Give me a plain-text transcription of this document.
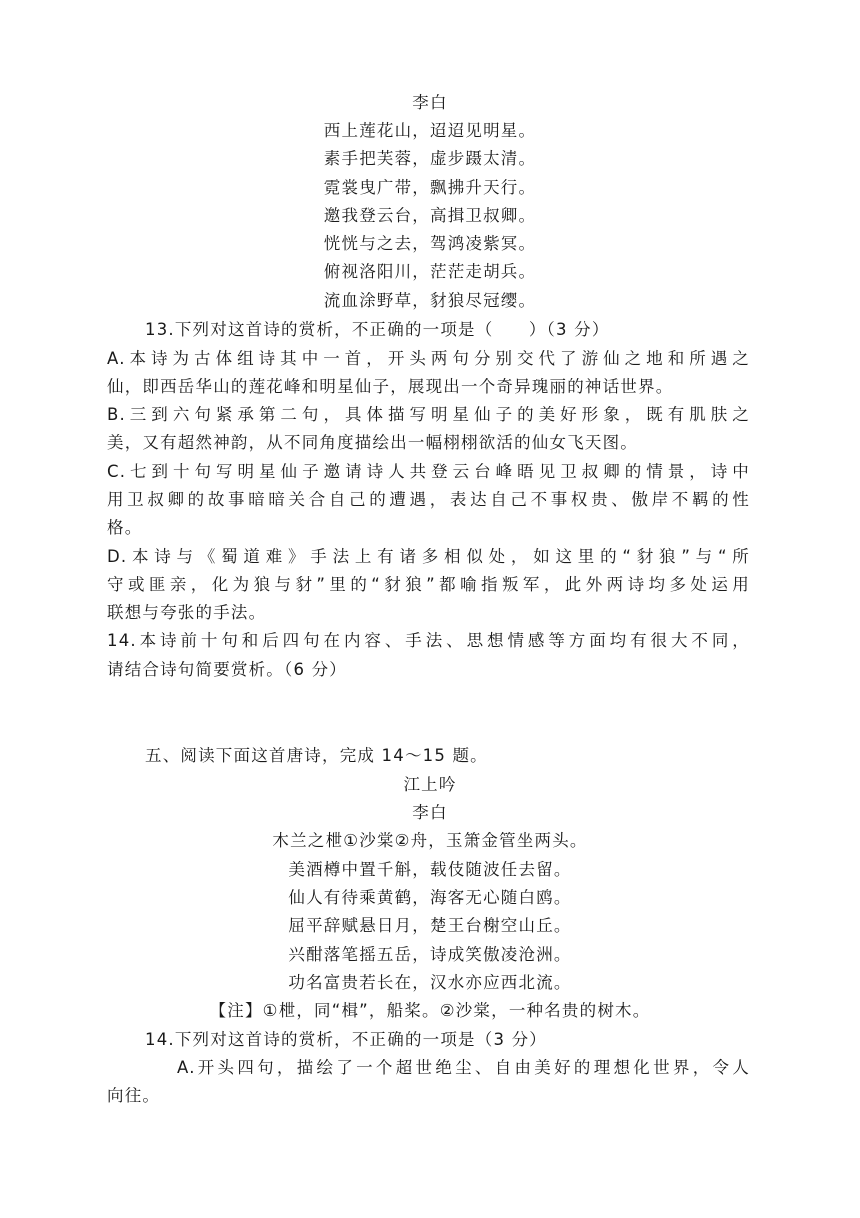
李白
西上莲花山，迢迢见明星。
素手把芙蓉，虚步蹑太清。
霓裳曳广带，飘拂升天行。
邀我登云台，高揖卫叔卿。
恍恍与之去，驾鸿凌紫冥。
俯视洛阳川，茫茫走胡兵。
流血涂野草，豺狼尽冠缨。
13.下列对这首诗的赏析，不正确的一项是（　　）（3 分）
A.本诗为古体组诗其中一首，开头两句分别交代了游仙之地和所遇之
仙，即西岳华山的莲花峰和明星仙子，展现出一个奇异瑰丽的神话世界。
B.三到六句紧承第二句，具体描写明星仙子的美好形象，既有肌肤之
美，又有超然神韵，从不同角度描绘出一幅栩栩欲活的仙女飞天图。
C.七到十句写明星仙子邀请诗人共登云台峰晤见卫叔卿的情景，诗中
用卫叔卿的故事暗暗关合自己的遭遇，表达自己不事权贵、傲岸不羁的性
格。
D.本诗与《蜀道难》手法上有诸多相似处，如这里的“豺狼”与“所
守或匪亲，化为狼与豺”里的“豺狼”都喻指叛军，此外两诗均多处运用
联想与夸张的手法。
14.本诗前十句和后四句在内容、手法、思想情感等方面均有很大不同，
请结合诗句简要赏析。（6 分）
五、阅读下面这首唐诗，完成 14～15 题。
江上吟
李白
木兰之枻①沙棠②舟，玉箫金管坐两头。
美酒樽中置千斛，载伎随波任去留。
仙人有待乘黄鹤，海客无心随白鸥。
屈平辞赋悬日月，楚王台榭空山丘。
兴酣落笔摇五岳，诗成笑傲凌沧洲。
功名富贵若长在，汉水亦应西北流。
【注】①枻，同“楫”，船桨。②沙棠，一种名贵的树木。
14.下列对这首诗的赏析，不正确的一项是（3 分）
A.开头四句，描绘了一个超世绝尘、自由美好的理想化世界，令人
向往。
